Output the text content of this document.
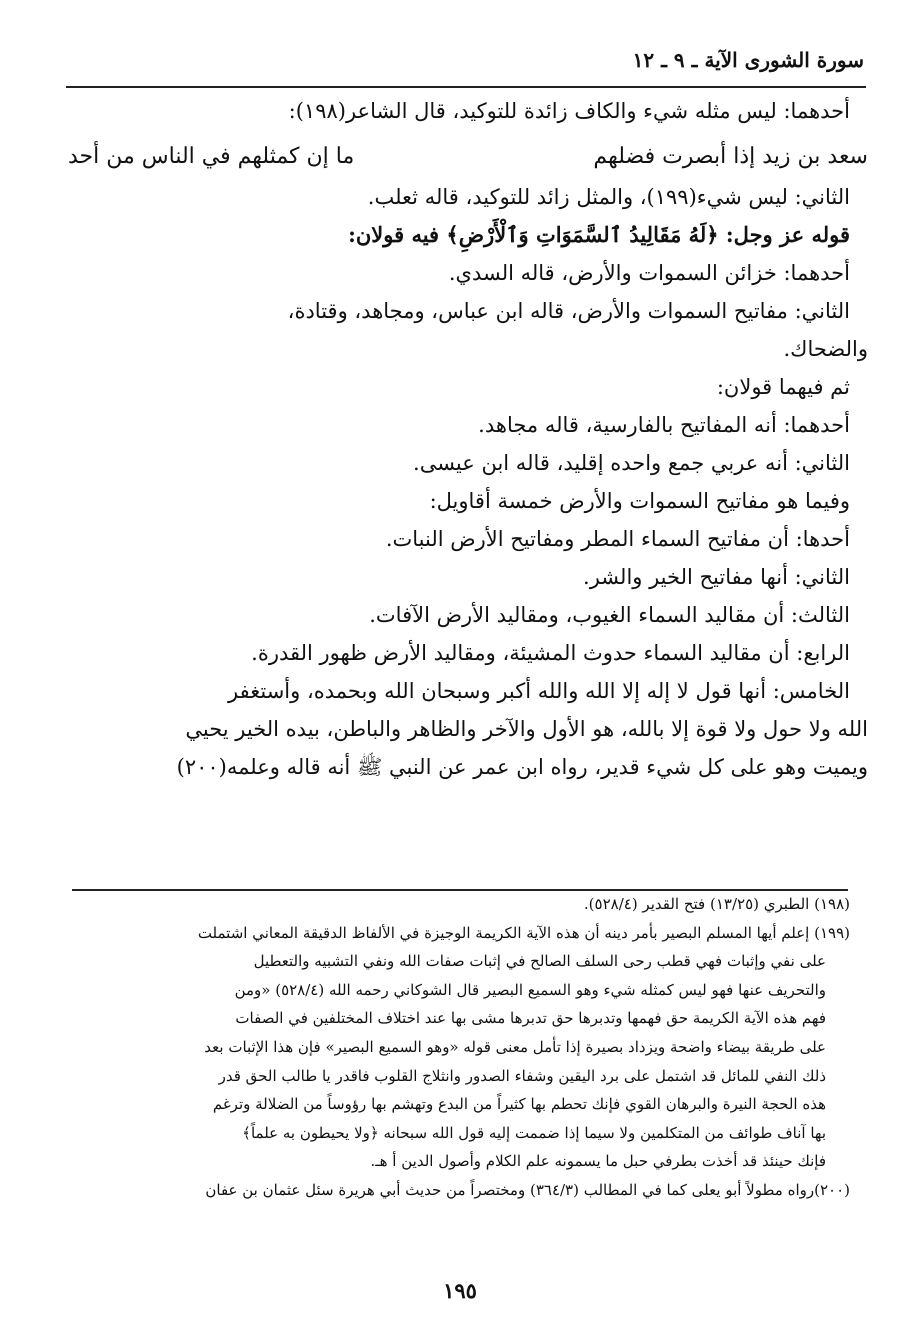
سورة الشورى الآية ـ ٩ ـ ١٢

أحدهما: ليس مثله شيء والكاف زائدة للتوكيد، قال الشاعر(١٩٨):

سعد بن زيد إذا أبصرت فضلهم
ما إن كمثلهم في الناس من أحد

الثاني: ليس شيء(١٩٩)، والمثل زائد للتوكيد، قاله ثعلب.

قوله عز وجل: ﴿لَهُ مَقَالِيدُ ٱلسَّمَوَاتِ وَٱلْأَرْضِ﴾ فيه قولان:

أحدهما: خزائن السموات والأرض، قاله السدي.

الثاني: مفاتيح السموات والأرض، قاله ابن عباس، ومجاهد، وقتادة،

والضحاك.

ثم فيهما قولان:

أحدهما: أنه المفاتيح بالفارسية، قاله مجاهد.

الثاني: أنه عربي جمع واحده إقليد، قاله ابن عيسى.

وفيما هو مفاتيح السموات والأرض خمسة أقاويل:

أحدها: أن مفاتيح السماء المطر ومفاتيح الأرض النبات.

الثاني: أنها مفاتيح الخير والشر.

الثالث: أن مقاليد السماء الغيوب، ومقاليد الأرض الآفات.

الرابع: أن مقاليد السماء حدوث المشيئة، ومقاليد الأرض ظهور القدرة.

الخامس: أنها قول لا إله إلا الله والله أكبر وسبحان الله وبحمده، وأستغفر

الله ولا حول ولا قوة إلا بالله، هو الأول والآخر والظاهر والباطن، بيده الخير يحيي

ويميت وهو على كل شيء قدير، رواه ابن عمر عن النبي ﷺ أنه قاله وعلمه(٢٠٠)

(١٩٨) الطبري (١٣/٢٥) فتح القدير (٥٢٨/٤).

(١٩٩) إعلم أيها المسلم البصير بأمر دينه أن هذه الآية الكريمة الوجيزة في الألفاظ الدقيقة المعاني اشتملت

على نفي وإثبات فهي قطب رحى السلف الصالح في إثبات صفات الله ونفي التشبيه والتعطيل

والتحريف عنها فهو ليس كمثله شيء وهو السميع البصير قال الشوكاني رحمه الله (٥٢٨/٤) «ومن

فهم هذه الآية الكريمة حق فهمها وتدبرها حق تدبرها مشى بها عند اختلاف المختلفين في الصفات

على طريقة بيضاء واضحة ويزداد بصيرة إذا تأمل معنى قوله «وهو السميع البصير» فإن هذا الإثبات بعد

ذلك النفي للمائل قد اشتمل على برد اليقين وشفاء الصدور وانثلاج القلوب فاقدر يا طالب الحق قدر

هذه الحجة النيرة والبرهان القوي فإنك تحطم بها كثيراً من البدع وتهشم بها رؤوساً من الضلالة وترغم

بها آناف طوائف من المتكلمين ولا سيما إذا ضممت إليه قول الله سبحانه ﴿ولا يحيطون به علماً﴾

فإنك حينئذ قد أخذت بطرفي حبل ما يسمونه علم الكلام وأصول الدين أ هـ.

(٢٠٠)رواه مطولاً أبو يعلى كما في المطالب (٣٦٤/٣) ومختصراً من حديث أبي هريرة سئل عثمان بن عفان

١٩٥
